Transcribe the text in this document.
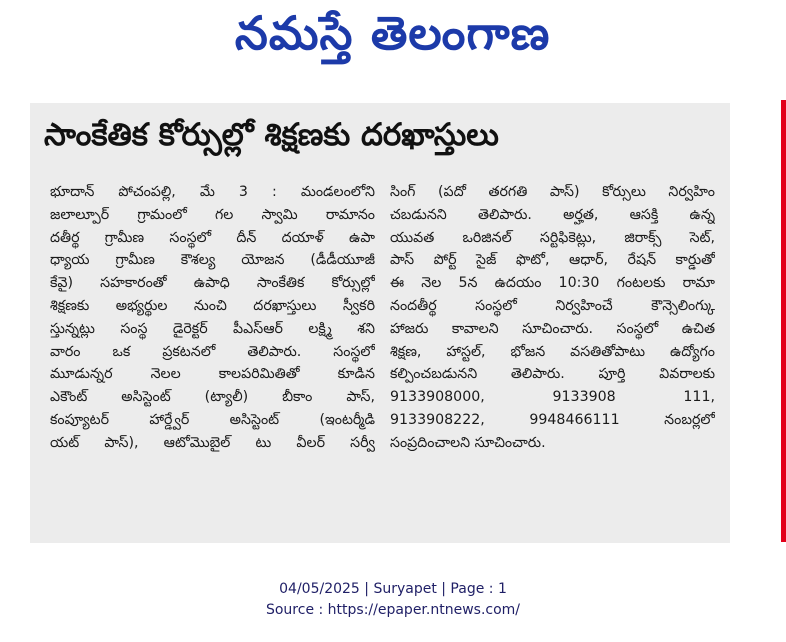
నమస్తే తెలంగాణ
సాంకేతిక కోర్సుల్లో శిక్షణకు దరఖాస్తులు
భూదాన్ పోచంపల్లి, మే 3 : మండలంలోని
జలాల్పూర్ గ్రామంలో గల స్వామి రామానం
దతీర్థ గ్రామీణ సంస్థలో దీన్ దయాళ్ ఉపా
ధ్యాయ గ్రామీణ కౌశల్య యోజన (డీడీయూజీ
కేవై) సహకారంతో ఉపాధి సాంకేతిక కోర్సుల్లో
శిక్షణకు అభ్యర్థుల నుంచి దరఖాస్తులు స్వీకరి
స్తున్నట్లు సంస్థ డైరెక్టర్ పీఎస్ఆర్ లక్ష్మి శని
వారం ఒక ప్రకటనలో తెలిపారు. సంస్థలో
మూడున్నర నెలల కాలపరిమితితో కూడిన
ఎకౌంట్ అసిస్టెంట్ (ట్యాలీ) బీకాం పాస్,
కంప్యూటర్ హార్డ్వేర్ అసిస్టెంట్ (ఇంటర్మీడి
యట్ పాస్), ఆటోమొబైల్ టు వీలర్ సర్వీ
సింగ్ (పదో తరగతి పాస్) కోర్సులు నిర్వహిం
చబడునని తెలిపారు. అర్హత, ఆసక్తి ఉన్న
యువత ఒరిజినల్ సర్టిఫికెట్లు, జిరాక్స్ సెట్,
పాస్ పోర్ట్ సైజ్ ఫొటో, ఆధార్, రేషన్ కార్డుతో
ఈ నెల 5న ఉదయం 10:30 గంటలకు రామా
నందతీర్థ సంస్థలో నిర్వహించే కౌన్సెలింగ్కు
హాజరు కావాలని సూచించారు. సంస్థలో ఉచిత
శిక్షణ, హాస్టల్, భోజన వసతితోపాటు ఉద్యోగం
కల్పించబడునని తెలిపారు. పూర్తి వివరాలకు
9133908000, 9133908 111,
9133908222, 9948466111 నంబర్లలో
సంప్రదించాలని సూచించారు.
04/05/2025 | Suryapet | Page : 1
Source : https://epaper.ntnews.com/
